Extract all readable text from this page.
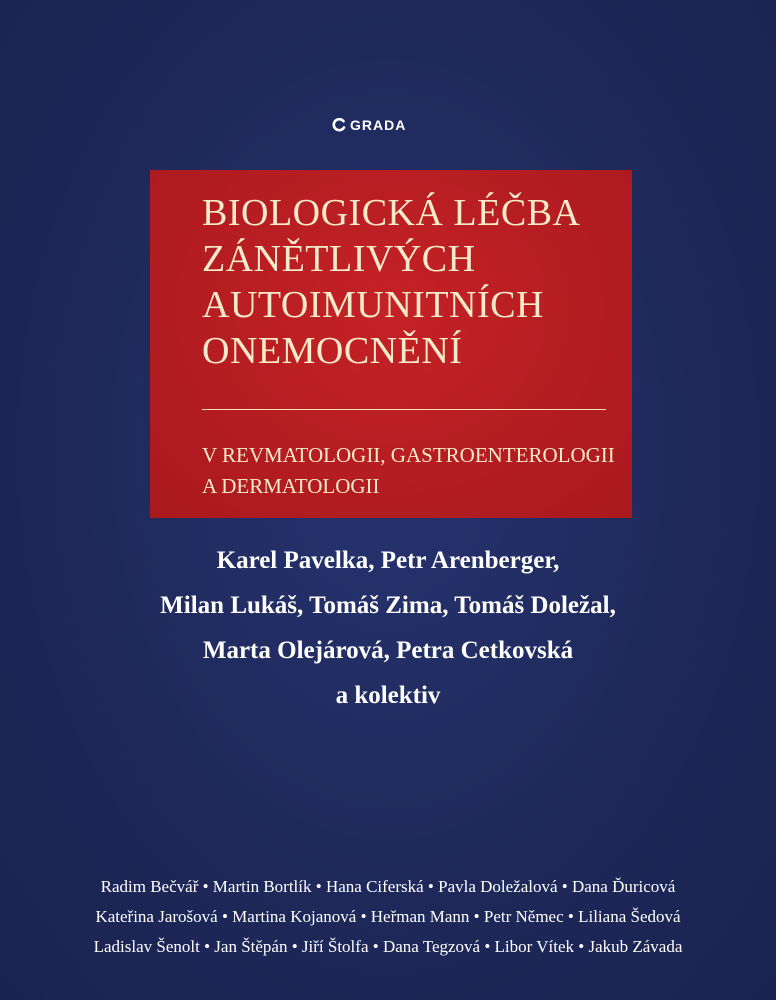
GRADA
BIOLOGICKÁ LÉČBA
ZÁNĚTLIVÝCH
AUTOIMUNITNÍCH
ONEMOCNĚNÍ
V REVMATOLOGII, GASTROENTEROLOGII
A DERMATOLOGII
Karel Pavelka, Petr Arenberger,
Milan Lukáš, Tomáš Zima, Tomáš Doležal,
Marta Olejárová, Petra Cetkovská
a kolektiv
Radim Bečvář • Martin Bortlík • Hana Ciferská • Pavla Doležalová • Dana Ďuricová
Kateřina Jarošová • Martina Kojanová • Heřman Mann • Petr Němec • Liliana Šedová
Ladislav Šenolt • Jan Štěpán • Jiří Štolfa • Dana Tegzová • Libor Vítek • Jakub Závada
